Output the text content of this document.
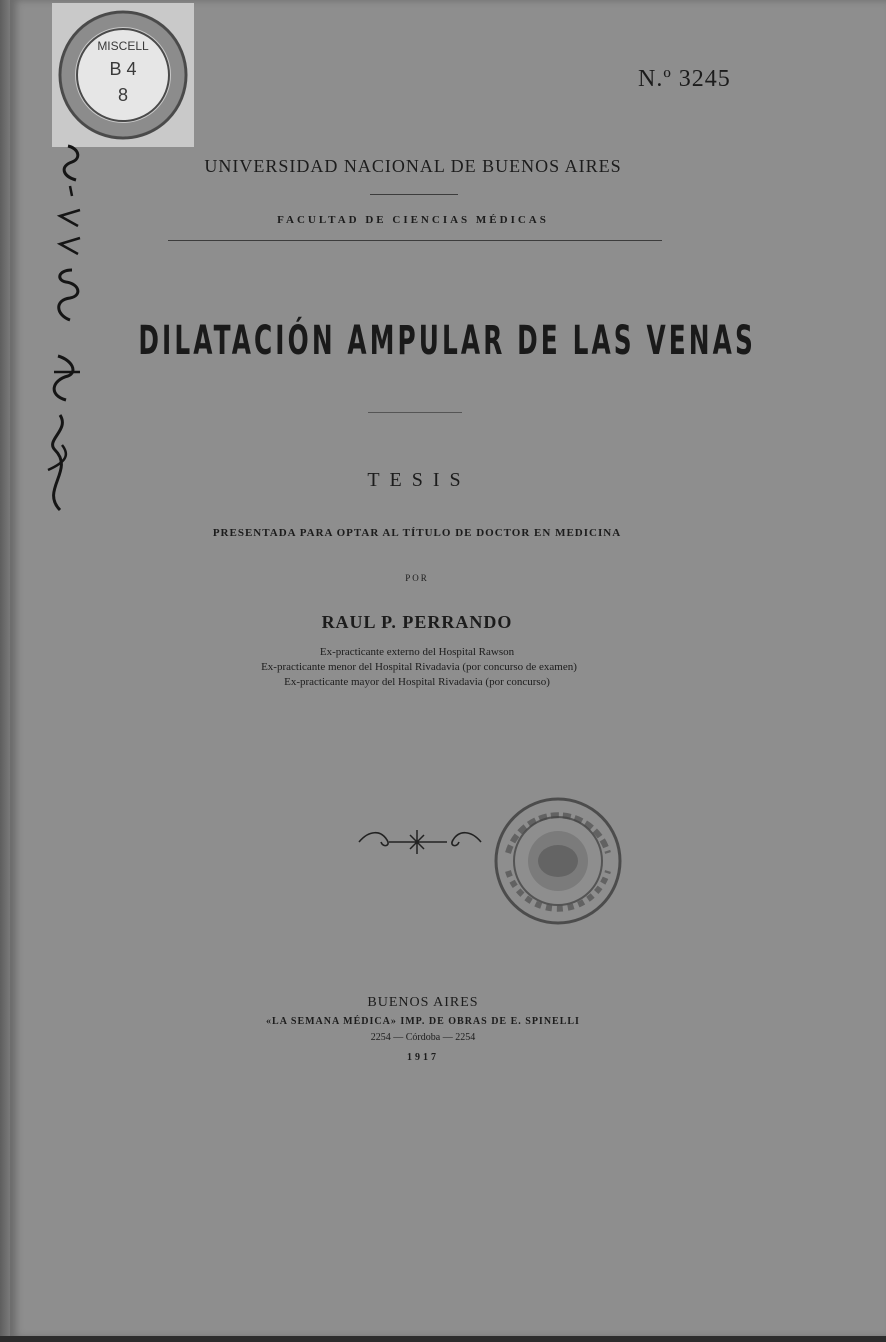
MISCELL
B 4
8
N.º 3245
UNIVERSIDAD NACIONAL DE BUENOS AIRES
FACULTAD DE CIENCIAS MÉDICAS
DILATACIÓN AMPULAR DE LAS VENAS
TESIS
PRESENTADA PARA OPTAR AL TÍTULO DE DOCTOR EN MEDICINA
POR
RAUL P. PERRANDO
Ex-practicante externo del Hospital Rawson
Ex-practicante menor del Hospital Rivadavia (por concurso de examen)
Ex-practicante mayor del Hospital Rivadavia (por concurso)
BUENOS AIRES
«LA SEMANA MÉDICA» IMP. DE OBRAS DE E. SPINELLI
2254 — Córdoba — 2254
1917
